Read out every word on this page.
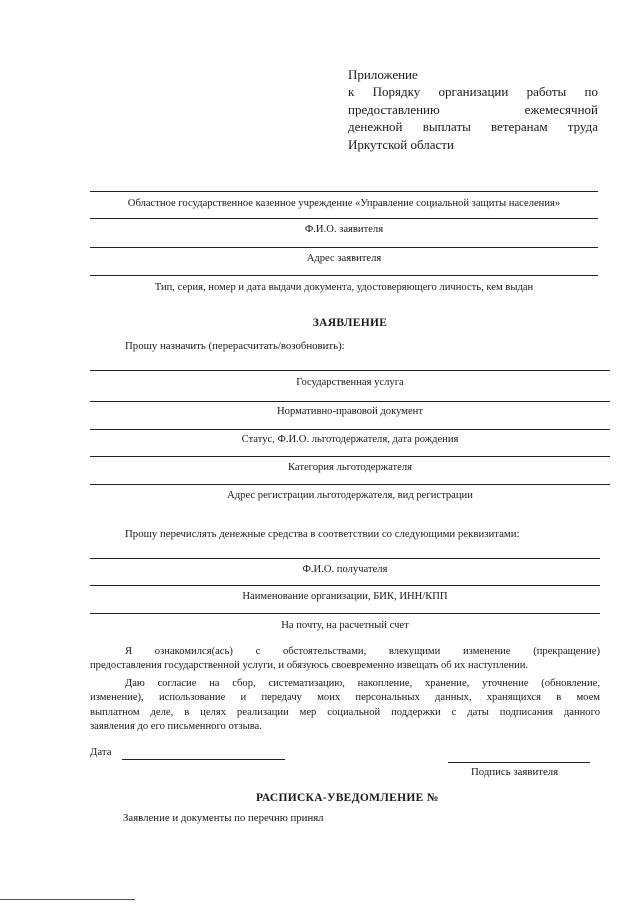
Приложение
к Порядку организации работы по
предоставлению ежемесячной
денежной выплаты ветеранам труда
Иркутской области
Областное государственное казенное учреждение «Управление социальной защиты населения»
Ф.И.О. заявителя
Адрес заявителя
Тип, серия, номер и дата выдачи документа, удостоверяющего личность, кем выдан
ЗАЯВЛЕНИЕ
Прошу назначить (перерасчитать/возобновить):
Государственная услуга
Нормативно-правовой документ
Статус, Ф.И.О. льготодержателя, дата рождения
Категория льготодержателя
Адрес регистрации льготодержателя, вид регистрации
Прошу перечислять денежные средства в соответствии со следующими реквизитами:
Ф.И.О. получателя
Наименование организации, БИК, ИНН/КПП
На почту, на расчетный счет
Я ознакомился(ась) с обстоятельствами, влекущими изменение (прекращение)
предоставления государственной услуги, и обязуюсь своевременно извещать об их наступлении.
Даю согласие на сбор, систематизацию, накопление, хранение, уточнение (обновление,
изменение), использование и передачу моих персональных данных, хранящихся в моем
выплатном деле, в целях реализации мер социальной поддержки с даты подписания данного
заявления до его письменного отзыва.
Дата
Подпись заявителя
РАСПИСКА-УВЕДОМЛЕНИЕ №
Заявление и документы по перечню принял
